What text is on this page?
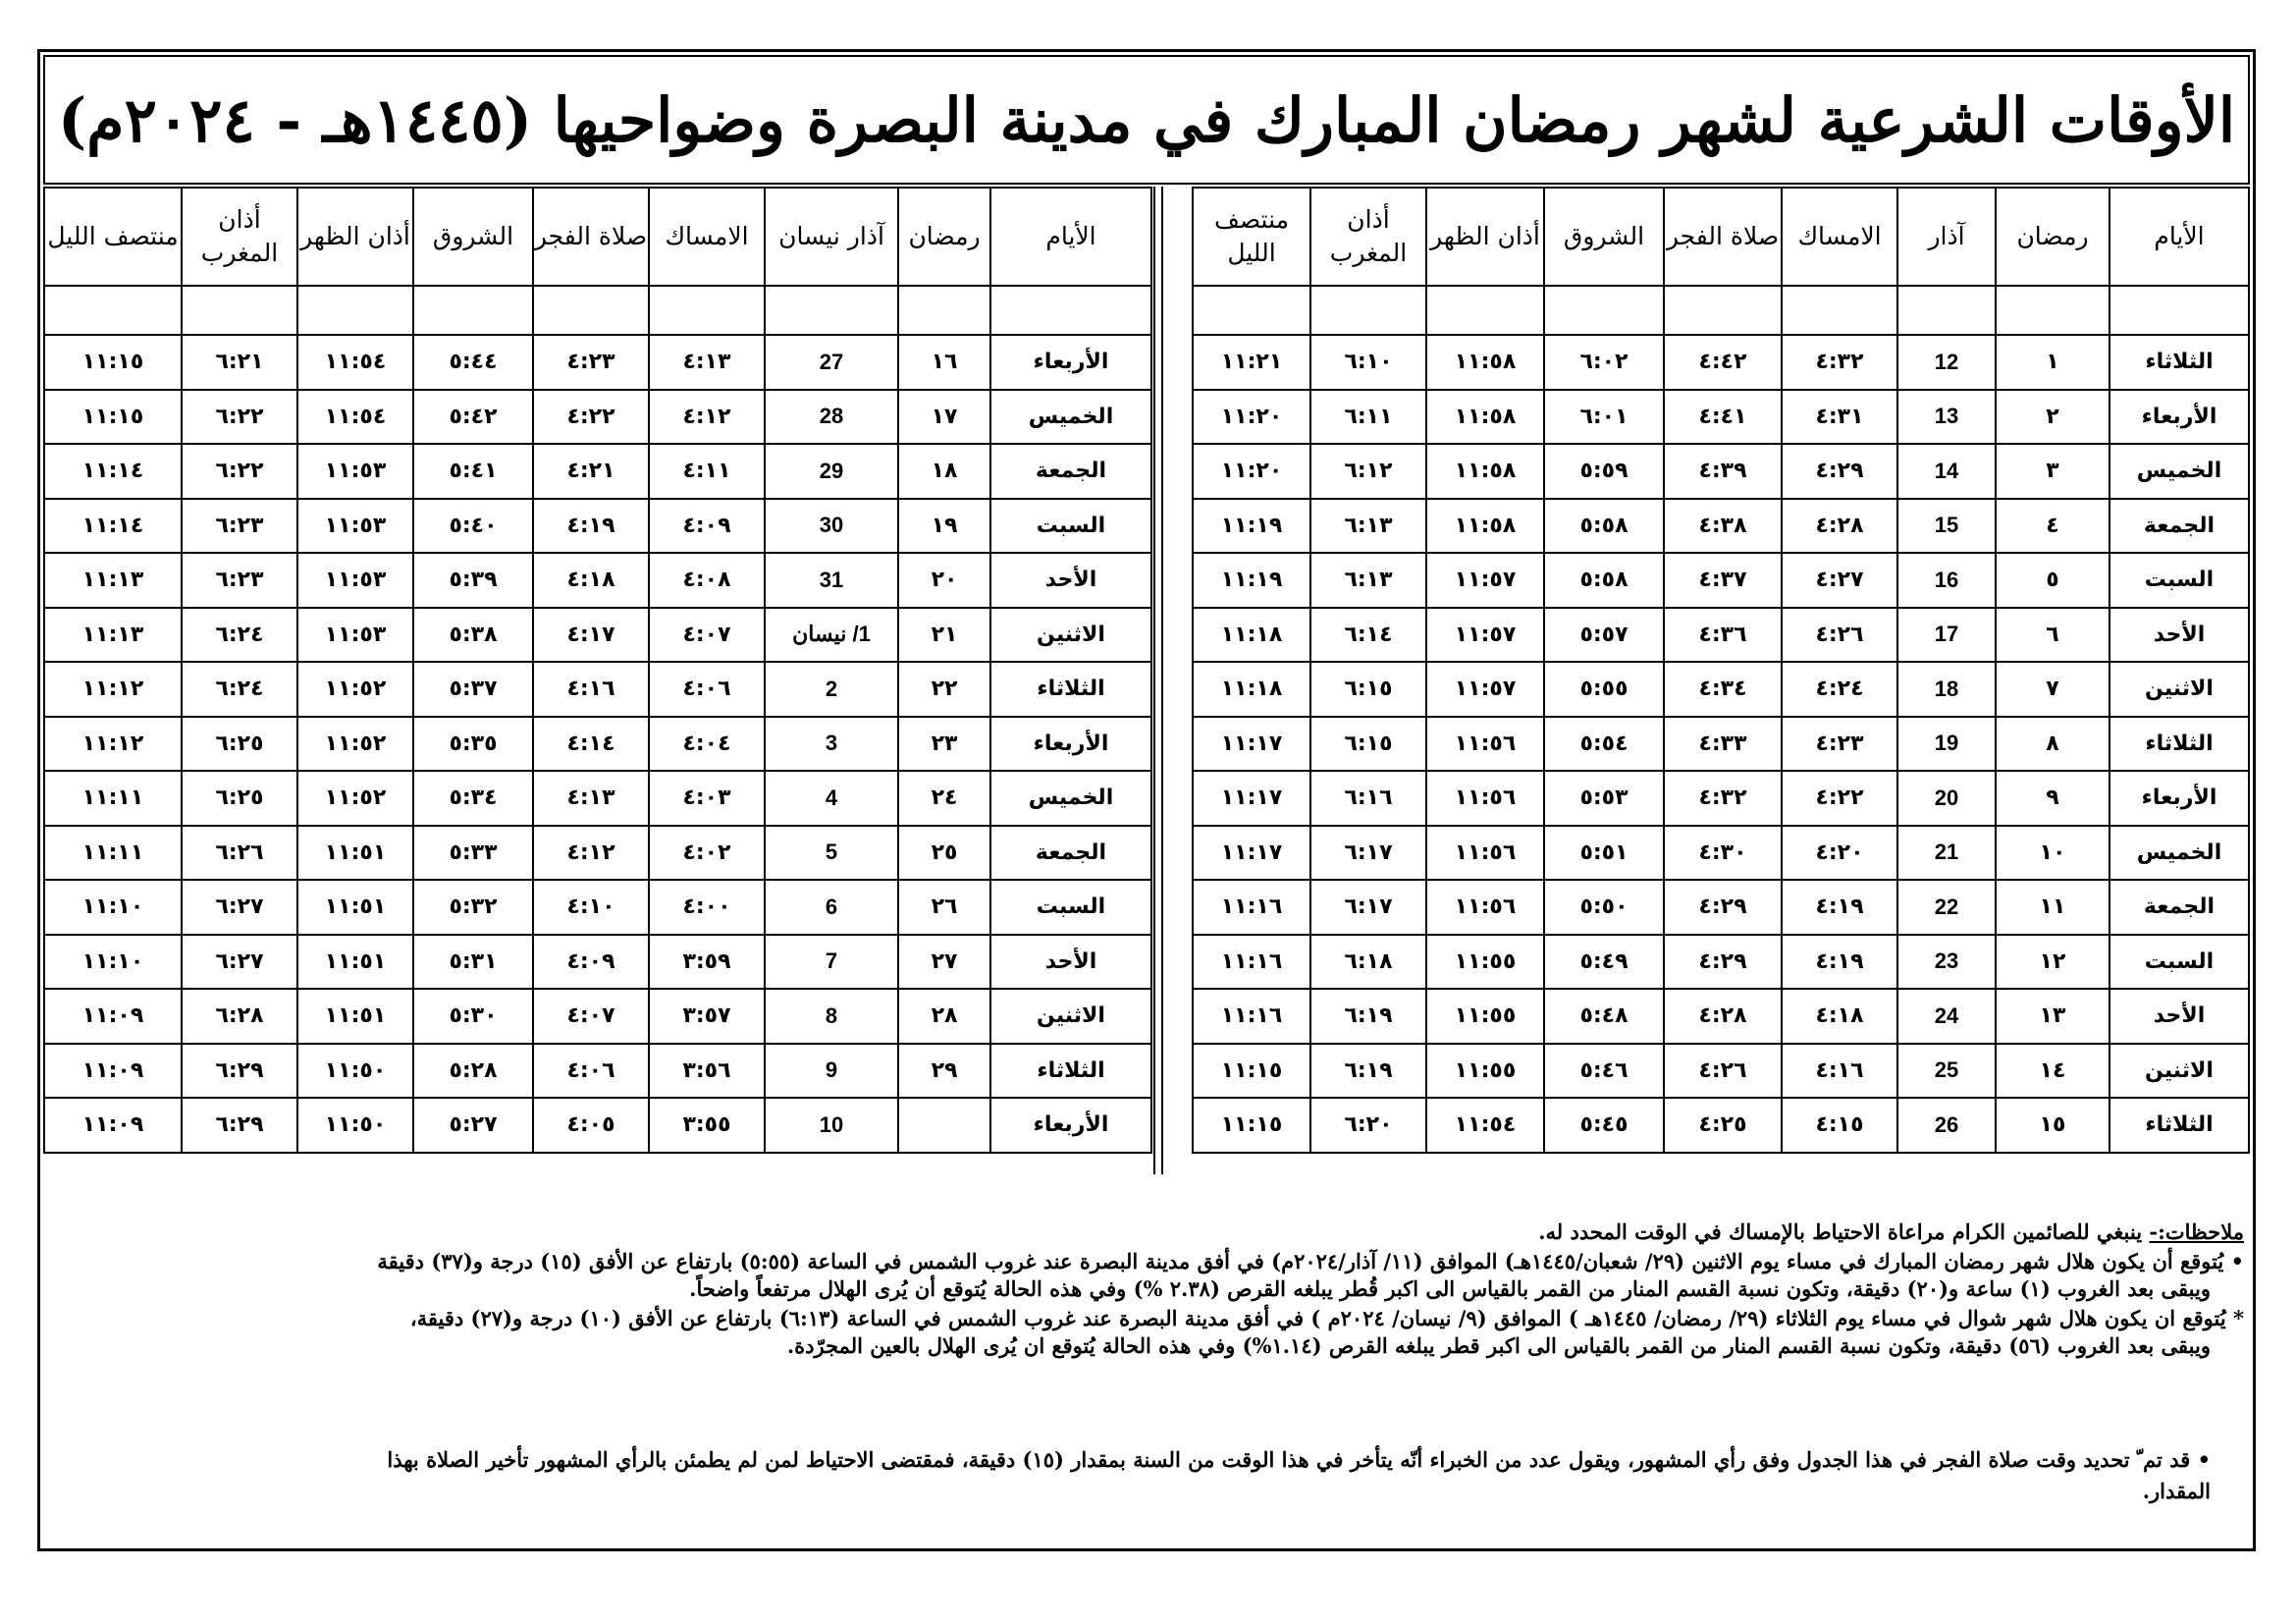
الأوقات الشرعية لشهر رمضان المبارك في مدينة البصرة وضواحيها (١٤٤٥هـ - ٢٠٢٤م)
الأيام	رمضان	آذار	الامساك	صلاة الفجر	الشروق	أذان الظهر	أذان المغرب	منتصف الليل

الثلاثاء	١	12	٤:٣٢	٤:٤٢	٦:٠٢	١١:٥٨	٦:١٠	١١:٢١
الأربعاء	٢	13	٤:٣١	٤:٤١	٦:٠١	١١:٥٨	٦:١١	١١:٢٠
الخميس	٣	14	٤:٢٩	٤:٣٩	٥:٥٩	١١:٥٨	٦:١٢	١١:٢٠
الجمعة	٤	15	٤:٢٨	٤:٣٨	٥:٥٨	١١:٥٨	٦:١٣	١١:١٩
السبت	٥	16	٤:٢٧	٤:٣٧	٥:٥٨	١١:٥٧	٦:١٣	١١:١٩
الأحد	٦	17	٤:٢٦	٤:٣٦	٥:٥٧	١١:٥٧	٦:١٤	١١:١٨
الاثنين	٧	18	٤:٢٤	٤:٣٤	٥:٥٥	١١:٥٧	٦:١٥	١١:١٨
الثلاثاء	٨	19	٤:٢٣	٤:٣٣	٥:٥٤	١١:٥٦	٦:١٥	١١:١٧
الأربعاء	٩	20	٤:٢٢	٤:٣٢	٥:٥٣	١١:٥٦	٦:١٦	١١:١٧
الخميس	١٠	21	٤:٢٠	٤:٣٠	٥:٥١	١١:٥٦	٦:١٧	١١:١٧
الجمعة	١١	22	٤:١٩	٤:٢٩	٥:٥٠	١١:٥٦	٦:١٧	١١:١٦
السبت	١٢	23	٤:١٩	٤:٢٩	٥:٤٩	١١:٥٥	٦:١٨	١١:١٦
الأحد	١٣	24	٤:١٨	٤:٢٨	٥:٤٨	١١:٥٥	٦:١٩	١١:١٦
الاثنين	١٤	25	٤:١٦	٤:٢٦	٥:٤٦	١١:٥٥	٦:١٩	١١:١٥
الثلاثاء	١٥	26	٤:١٥	٤:٢٥	٥:٤٥	١١:٥٤	٦:٢٠	١١:١٥
الأيام	رمضان	آذار نيسان	الامساك	صلاة الفجر	الشروق	أذان الظهر	أذان المغرب	منتصف الليل

الأربعاء	١٦	27	٤:١٣	٤:٢٣	٥:٤٤	١١:٥٤	٦:٢١	١١:١٥
الخميس	١٧	28	٤:١٢	٤:٢٢	٥:٤٢	١١:٥٤	٦:٢٢	١١:١٥
الجمعة	١٨	29	٤:١١	٤:٢١	٥:٤١	١١:٥٣	٦:٢٢	١١:١٤
السبت	١٩	30	٤:٠٩	٤:١٩	٥:٤٠	١١:٥٣	٦:٢٣	١١:١٤
الأحد	٢٠	31	٤:٠٨	٤:١٨	٥:٣٩	١١:٥٣	٦:٢٣	١١:١٣
الاثنين	٢١	1/ نيسان	٤:٠٧	٤:١٧	٥:٣٨	١١:٥٣	٦:٢٤	١١:١٣
الثلاثاء	٢٢	2	٤:٠٦	٤:١٦	٥:٣٧	١١:٥٢	٦:٢٤	١١:١٢
الأربعاء	٢٣	3	٤:٠٤	٤:١٤	٥:٣٥	١١:٥٢	٦:٢٥	١١:١٢
الخميس	٢٤	4	٤:٠٣	٤:١٣	٥:٣٤	١١:٥٢	٦:٢٥	١١:١١
الجمعة	٢٥	5	٤:٠٢	٤:١٢	٥:٣٣	١١:٥١	٦:٢٦	١١:١١
السبت	٢٦	6	٤:٠٠	٤:١٠	٥:٣٢	١١:٥١	٦:٢٧	١١:١٠
الأحد	٢٧	7	٣:٥٩	٤:٠٩	٥:٣١	١١:٥١	٦:٢٧	١١:١٠
الاثنين	٢٨	8	٣:٥٧	٤:٠٧	٥:٣٠	١١:٥١	٦:٢٨	١١:٠٩
الثلاثاء	٢٩	9	٣:٥٦	٤:٠٦	٥:٢٨	١١:٥٠	٦:٢٩	١١:٠٩
الأربعاء		10	٣:٥٥	٤:٠٥	٥:٢٧	١١:٥٠	٦:٢٩	١١:٠٩
ملاحظات:- ينبغي للصائمين الكرام مراعاة الاحتياط بالإمساك في الوقت المحدد له.
• يُتوقع أن يكون هلال شهر رمضان المبارك في مساء يوم الاثنين (٢٩/ شعبان/١٤٤٥هـ) الموافق (١١/ آذار/٢٠٢٤م) في أفق مدينة البصرة عند غروب الشمس في الساعة (٥:٥٥) بارتفاع عن الأفق (١٥) درجة و(٣٧) دقيقة
ويبقى بعد الغروب (١) ساعة و(٢٠) دقيقة، وتكون نسبة القسم المنار من القمر بالقياس الى اكبر قُطر يبلغه القرص (٢.٣٨ %) وفي هذه الحالة يُتوقع أن يُرى الهلال مرتفعاً واضحاً.
* يُتوقع ان يكون هلال شهر شوال في مساء يوم الثلاثاء (٢٩/ رمضان/ ١٤٤٥هـ ) الموافق (٩/ نيسان/ ٢٠٢٤م ) في أفق مدينة البصرة عند غروب الشمس في الساعة (٦:١٣) بارتفاع عن الأفق (١٠) درجة و(٢٧) دقيقة،
ويبقى بعد الغروب (٥٦) دقيقة، وتكون نسبة القسم المنار من القمر بالقياس الى اكبر قطر يبلغه القرص (١.١٤%) وفي هذه الحالة يُتوقع ان يُرى الهلال بالعين المجرّدة.
• قد تم ّ تحديد وقت صلاة الفجر في هذا الجدول وفق رأي المشهور، ويقول عدد من الخبراء أنّه يتأخر في هذا الوقت من السنة بمقدار (١٥) دقيقة، فمقتضى الاحتياط لمن لم يطمئن بالرأي المشهور تأخير الصلاة بهذا
المقدار.
